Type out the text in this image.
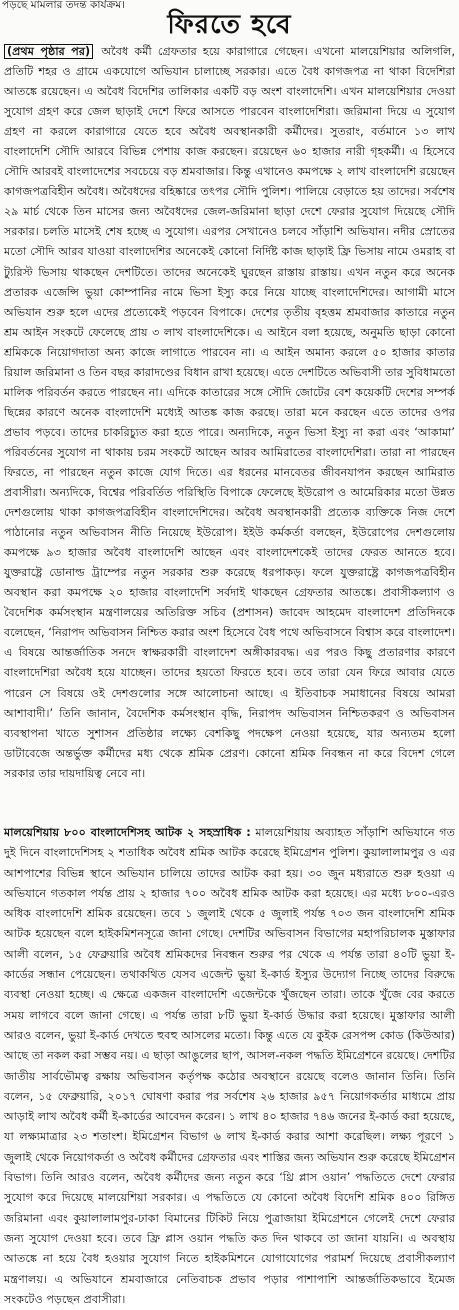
পড়ছে মামলার তদন্ত কার্যক্রম।
ফিরতে হবে
(প্রথম পৃষ্ঠার পর) অবৈধ কর্মী গ্রেফতার হয়ে কারাগারে গেছেন। এখনো মালয়েশিয়ার অলিগলি, প্রতিটি শহর ও গ্রামে একযোগে অভিযান চালাচ্ছে সরকার। এতে বৈধ কাগজপত্র না থাকা বিদেশিরা আতঙ্কে রয়েছেন। এ অবৈধ বিদেশির তালিকার একটি বড় অংশ বাংলাদেশি। এখন মালয়েশিয়ার দেওয়া সুযোগ গ্রহণ করে জেল ছাড়াই দেশে ফিরে আসতে পারবেন বাংলাদেশিরা। জরিমানা দিয়ে এ সুযোগ গ্রহণ না করলে কারাগারে যেতে হবে অবৈধ অবস্থানকারী কর্মীদের। সুতরাং, বর্তমানে ১৩ লাখ বাংলাদেশি সৌদি আরবে বিভিন্ন পেশায় কাজ করছেন। রয়েছেন ৬০ হাজার নারী গৃহকর্মী। এ হিসেবে সৌদি আরবই বাংলাদেশের সবচেয়ে বড় শ্রমবাজার। কিন্তু এখানেও কমপক্ষে ২ লাখ বাংলাদেশি রয়েছেন কাগজপত্রবিহীন অবৈধ। অবৈধদের বহিষ্কারে তৎপর সৌদি পুলিশ। পালিয়ে বেড়াতে হয় তাদের। সর্বশেষ ২৯ মার্চ থেকে তিন মাসের জন্য অবৈধদের জেল-জরিমানা ছাড়া দেশে ফেরার সুযোগ দিয়েছে সৌদি সরকার। চলতি মাসেই শেষ হচ্ছে এ সুযোগ। এরপর সেখানেও চলবে সাঁড়াশি অভিযান। নদীর স্রোতের মতো সৌদি আরব যাওয়া বাংলাদেশির অনেকেই কোনো নির্দিষ্ট কাজ ছাড়াই ফ্রি ভিসায় নামে ওমরাহ বা ট্যুরিস্ট ভিসায় থাকছেন দেশটিতে। তাদের অনেকেই ঘুরছেন রাস্তায় রাস্তায়। এখন নতুন করে অনেক প্রতারক এজেন্সি ভুয়া কোম্পানির নামে ভিসা ইস্যু করে নিয়ে যাচ্ছে বাংলাদেশিদের। আগামী মাসে অভিযান শুরু হলে এদের প্রত্যেকেই পড়বেন বিপাকে। দেশের তৃতীয় বৃহত্তম শ্রমবাজার কাতারে নতুন শ্রম আইন সংকটে ফেলেছে প্রায় ৩ লাখ বাংলাদেশিকে। এ আইনে বলা হয়েছে, অনুমতি ছাড়া কোনো শ্রমিককে নিয়োগদাতা অন্য কাজে লাগাতে পারবেন না। এ আইন অমান্য করলে ৫০ হাজার কাতার রিয়াল জরিমানা ও তিন বছর কারাদণ্ডের বিধান রাখা হয়েছে। এতে দেশটিতে অভিবাসী তার সুবিধামতো মালিক পরিবর্তন করতে পারছেন না। এদিকে কাতারের সঙ্গে সৌদি জোটের বেশ কয়েকটি দেশের সম্পর্ক ছিন্নের কারণে অনেক বাংলাদেশি মধ্যেই আতঙ্ক কাজ করছে। তারা মনে করছেন এতে তাদের ওপর প্রভাব পড়বে। তাদের চাকরিচ্যুত করা হতে পারে। অন্যদিকে, নতুন ভিসা ইস্যু না করা এবং ‘আকামা’ পরিবর্তনের সুযোগ না থাকায় চরম সংকটে আছেন আরব আমিরাতের বাংলাদেশিরা। তারা না পারছেন ফিরতে, না পারছেন নতুন কাজে যোগ দিতে। এর ধরনের মানবেতর জীবনযাপন করছেন আমিরাত প্রবাসীরা। অন্যদিকে, বিশ্বের পরিবর্তিত পরিস্থিতি বিপাকে ফেলেছে ইউরোপ ও আমেরিকার মতো উন্নত দেশগুলোয় থাকা কাগজপত্রবিহীন বাংলাদেশিদের। অবৈধ অবস্থানকারী প্রত্যেক ব্যক্তিকে নিজ দেশে পাঠানোর নতুন অভিবাসন নীতি নিয়েছে ইউরোপ। ইইউ কর্মকর্তা বলছেন, ইউরোপের দেশগুলোয় কমপক্ষে ৯৩ হাজার অবৈধ বাংলাদেশি আছেন এবং বাংলাদেশকেই তাদের ফেরত আনতে হবে। যুক্তরাষ্ট্রে ডোনাল্ড ট্রাম্পের নতুন সরকার শুরু করেছে ধরপাকড়। ফলে যুক্তরাষ্ট্রে কাগজপত্রবিহীন অবস্থান করা কমপক্ষে ২০ হাজার বাংলাদেশি সর্বদাই থাকছেন গ্রেফতার আতঙ্কে। প্রবাসীকল্যাণ ও বৈদেশিক কর্মসংস্থান মন্ত্রণালয়ের অতিরিক্ত সচিব (প্রশাসন) জাবেদ আহমেদ বাংলাদেশ প্রতিদিনকে বলেছেন, ‘নিরাপদ অভিবাসন নিশ্চিত করার অংশ হিসেবে বৈধ পথে অভিবাসনে বিশ্বাস করে বাংলাদেশ। এ বিষয়ে আন্তর্জাতিক সনদে স্বাক্ষরকারী বাংলাদেশ অঙ্গীকারবদ্ধ। এর পরও কিছু প্রতারণার কারণে বাংলাদেশিরা অবৈধ হয়ে যাচ্ছেন। তাদের হয়তো ফিরতে হবে। তবে তারা যেন ফিরে আবার যেতে পারেন সে বিষয়ে ওই দেশগুলোর সঙ্গে আলোচনা আছে। এ ইতিবাচক সমাধানের বিষয়ে আমরা আশাবাদী।’ তিনি জানান, বৈদেশিক কর্মসংস্থান বৃদ্ধি, নিরাপদ অভিবাসন নিশ্চিতকরণ ও অভিবাসন ব্যবস্থাপনা খাতে সুশাসন প্রতিষ্ঠার লক্ষ্যে বেশকিছু পদক্ষেপ নেওয়া হয়েছে, যার অন্যতম হলো ডাটাবেজে অন্তর্ভুক্ত কর্মীদের মধ্য থেকে শ্রমিক প্রেরণ। কোনো শ্রমিক নিবন্ধন না করে বিদেশ গেলে সরকার তার দায়দায়িত্ব নেবে না।
মালয়েশিয়ায় ৮০০ বাংলাদেশিসহ আটক ২ সহস্রাধিক : মালয়েশিয়ায় অব্যাহত সাঁড়াশি অভিযানে গত দুই দিনে বাংলাদেশিসহ ২ শতাধিক অবৈধ শ্রমিক আটক করেছে ইমিগ্রেশন পুলিশ। কুয়ালালামপুর ও এর আশপাশের বিভিন্ন স্থানে অভিযান চালিয়ে তাদের আটক করা হয়। ৩০ জুন মধ্যরাতে শুরু হওয়া এ অভিযানে গতকাল পর্যন্ত প্রায় ২ হাজার ৭০০ অবৈধ শ্রমিক আটক করা হয়েছে। এর মধ্যে ৮০০-এরও অধিক বাংলাদেশি শ্রমিক রয়েছেন। তবে ১ জুলাই থেকে ৫ জুলাই পর্যন্ত ৭০৩ জন বাংলাদেশি শ্রমিক আটক হয়েছেন বলে হাইকমিশনসূত্রে জানা গেছে। দেশটির অভিবাসন বিভাগের মহাপরিচালক মুস্তাফার আলী বলেন, ১৫ ফেব্রুয়ারি অবৈধ শ্রমিকদের নিবন্ধন শুরুর পর থেকে এ পর্যন্ত তারা ৪০টি ভুয়া ই-কার্ডের সন্ধান পেয়েছেন। তথাকথিত যেসব এজেন্ট ভুয়া ই-কার্ড ইস্যুর উদ্যোগ নিচ্ছে তাদের বিরুদ্ধে ব্যবস্থা নেওয়া হচ্ছে। এ ক্ষেত্রে একজন বাংলাদেশি এজেন্টকে খুঁজছেন তারা। তাকে খুঁজে বের করতে সময় লাগবে বলে জানা গেছে। এ পর্যন্ত তারা ৮টি ভুয়া ই-কার্ড উদ্ধার করা হয়েছে। মুস্তাফার আলী আরও বলেন, ভুয়া ই-কার্ড দেখতে হুবহু আসলের মতো। কিন্তু এতে যে কুইক রেসপন্স কোড (কিউআর) আছে তা নকল করা সম্ভব নয়। এ ছাড়া আঙুলের ছাপ, আসল-নকল পদ্ধতি ইমিগ্রেশনে রয়েছে। দেশটির জাতীয় সার্বভৌমত্ব রক্ষায় অভিবাসন কর্তৃপক্ষ কঠোর অবস্থানে রয়েছে বলেও জানান তিনি। তিনি বলেন, ১৫ ফেব্রুয়ারি, ২০১৭ ঘোষণা করার পর সর্বশেষ ২৬ হাজার ৯৫৭ নিয়োগকর্তার মাধ্যমে প্রায় আড়াই লাখ অবৈধ কর্মী ই-কার্ডের আবেদন করেন। ১ লাখ ৪০ হাজার ৭৪৬ জনের ই-কার্ড করা হয়েছে, যা লক্ষ্যমাত্রার ২৩ শতাংশ। ইমিগ্রেশন বিভাগ ৬ লাখ ই-কার্ড করার আশা করেছিল। লক্ষ্য পূরণে ১ জুলাই থেকে নিয়োগকর্তা ও অবৈধ কর্মীদের গ্রেফতার এবং শাস্তির জন্য অভিযান শুরু করেছে ইমিগ্রেশন বিভাগ। তিনি আরও বলেন, অবৈধ কর্মীদের জন্য নতুন করে ‘থ্রি প্লাস ওয়ান’ পদ্ধতিতে দেশে ফেরার সুযোগ করে দিয়েছে মালয়েশিয়া সরকার। এ পদ্ধতিতে যে কোনো অবৈধ বিদেশি শ্রমিক ৪০০ রিঙ্গিত জরিমানা এবং কুয়ালালামপুর-ঢাকা বিমানের টিকিট নিয়ে পুত্রাজায়া ইমিগ্রেশনে গেলেই দেশে ফেরার জন্য সুযোগ দেওয়া হবে। তবে ফ্রি প্লাস ওয়ান পদ্ধতি কত দিন থাকবে তা জানা যায়নি। এ অবস্থায় আতঙ্কে না হয়ে বৈধ হওয়ার সুযোগ নিতে হাইকমিশনে যোগাযোগের পরামর্শ দিয়েছে প্রবাসীকল্যাণ মন্ত্রণালয়। এ অভিযানে শ্রমবাজারে নেতিবাচক প্রভাব পড়ার পাশাপাশি আন্তর্জাতিকভাবে ইমেজ সংকটেও পড়ছেন প্রবাসীরা।
